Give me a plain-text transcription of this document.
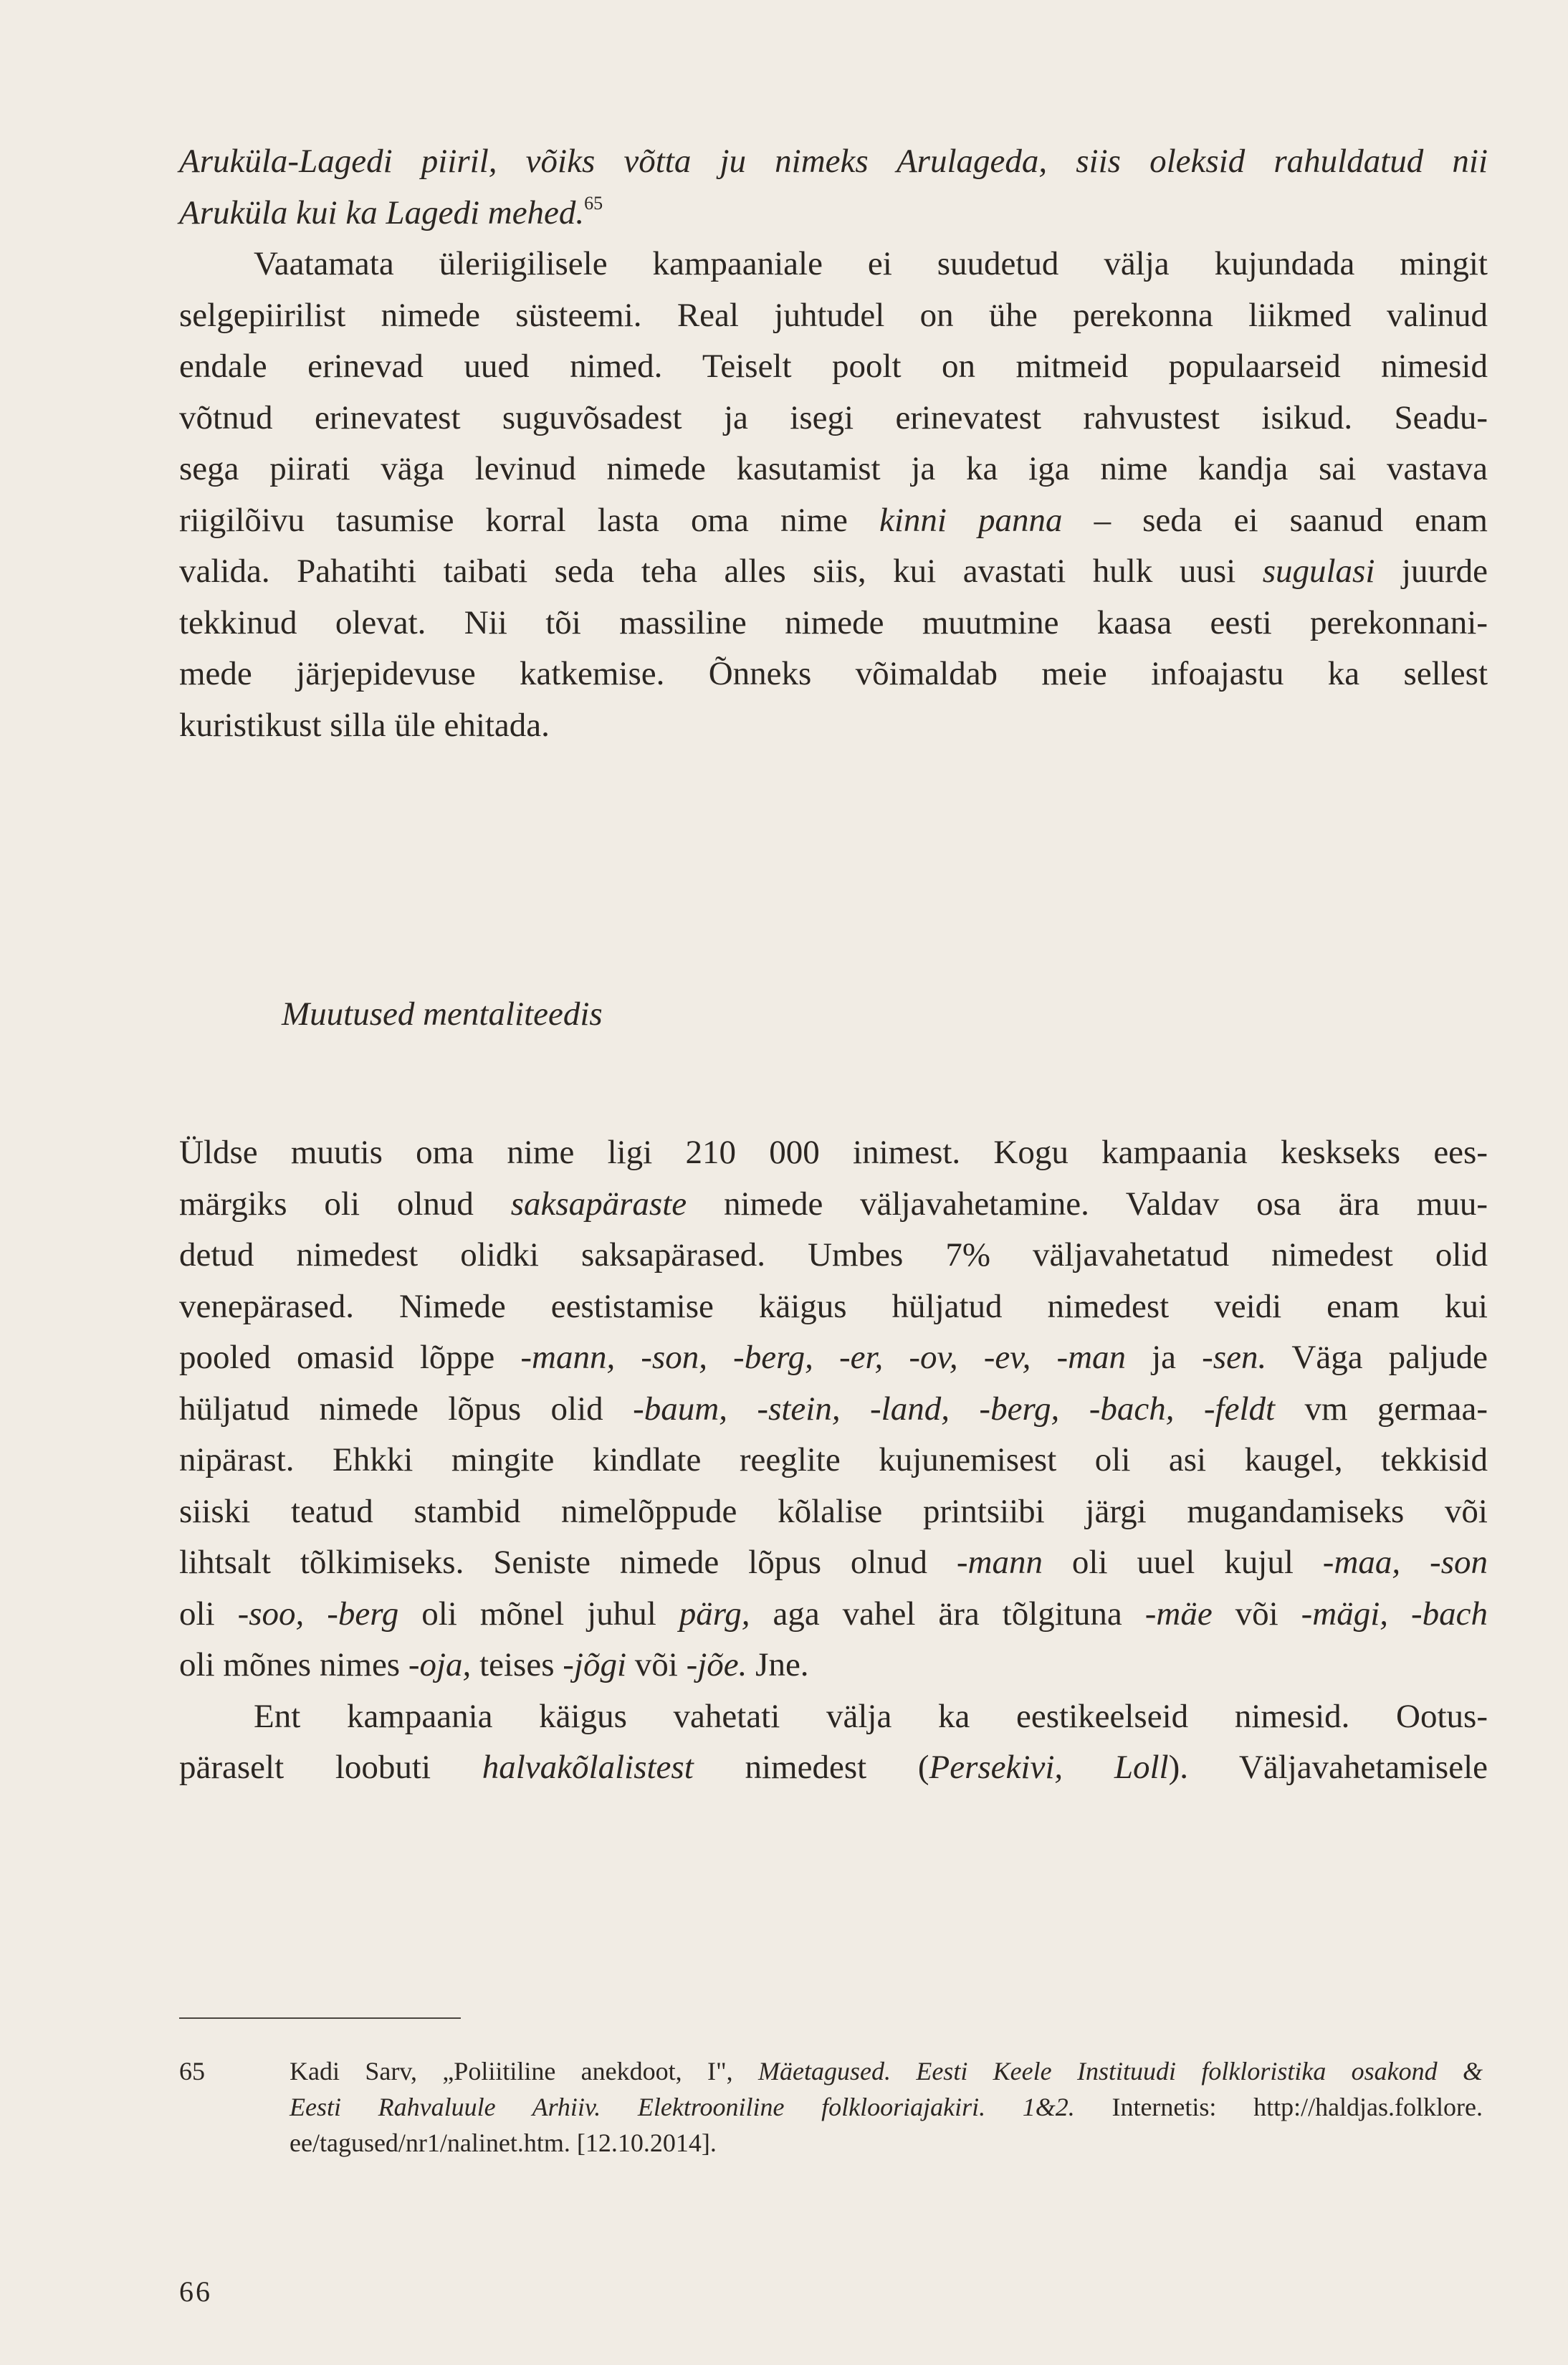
Aruküla-Lagedi piiril, võiks võtta ju nimeks Arulageda, siis oleksid rahuldatud nii
Aruküla kui ka Lagedi mehed.$^{65}$
Vaatamata üleriigilisele kampaaniale ei suudetud välja kujundada mingit
selgepiirilist nimede süsteemi. Real juhtudel on ühe perekonna liikmed valinud
endale erinevad uued nimed. Teiselt poolt on mitmeid populaarseid nimesid
võtnud erinevatest suguvõsadest ja isegi erinevatest rahvustest isikud. Seadu-
sega piirati väga levinud nimede kasutamist ja ka iga nime kandja sai vastava
riigilõivu tasumise korral lasta oma nime kinni panna – seda ei saanud enam
valida. Pahatihti taibati seda teha alles siis, kui avastati hulk uusi sugulasi juurde
tekkinud olevat. Nii tõi massiline nimede muutmine kaasa eesti perekonnani-
mede järjepidevuse katkemise. Õnneks võimaldab meie infoajastu ka sellest
kuristikust silla üle ehitada.
Muutused mentaliteedis
Üldse muutis oma nime ligi 210 000 inimest. Kogu kampaania keskseks ees-
märgiks oli olnud saksapäraste nimede väljavahetamine. Valdav osa ära muu-
detud nimedest olidki saksapärased. Umbes 7% väljavahetatud nimedest olid
venepärased. Nimede eestistamise käigus hüljatud nimedest veidi enam kui
pooled omasid lõppe -mann, -son, -berg, -er, -ov, -ev, -man ja -sen. Väga paljude
hüljatud nimede lõpus olid -baum, -stein, -land, -berg, -bach, -feldt vm germaa-
nipärast. Ehkki mingite kindlate reeglite kujunemisest oli asi kaugel, tekkisid
siiski teatud stambid nimelõppude kõlalise printsiibi järgi mugandamiseks või
lihtsalt tõlkimiseks. Seniste nimede lõpus olnud -mann oli uuel kujul -maa, -son
oli -soo, -berg oli mõnel juhul pärg, aga vahel ära tõlgituna -mäe või -mägi, -bach
oli mõnes nimes -oja, teises -jõgi või -jõe. Jne.
Ent kampaania käigus vahetati välja ka eestikeelseid nimesid. Ootus-
päraselt loobuti halvakõlalistest nimedest (Persekivi, Loll). Väljavahetamisele
65	Kadi Sarv, „Poliitiline anekdoot, I", Mäetagused. Eesti Keele Instituudi folkloristika osakond &
Eesti Rahvaluule Arhiiv. Elektrooniline folklooriajakiri. 1&2. Internetis: http://haldjas.folklore.
ee/tagused/nr1/nalinet.htm. [12.10.2014].
66
